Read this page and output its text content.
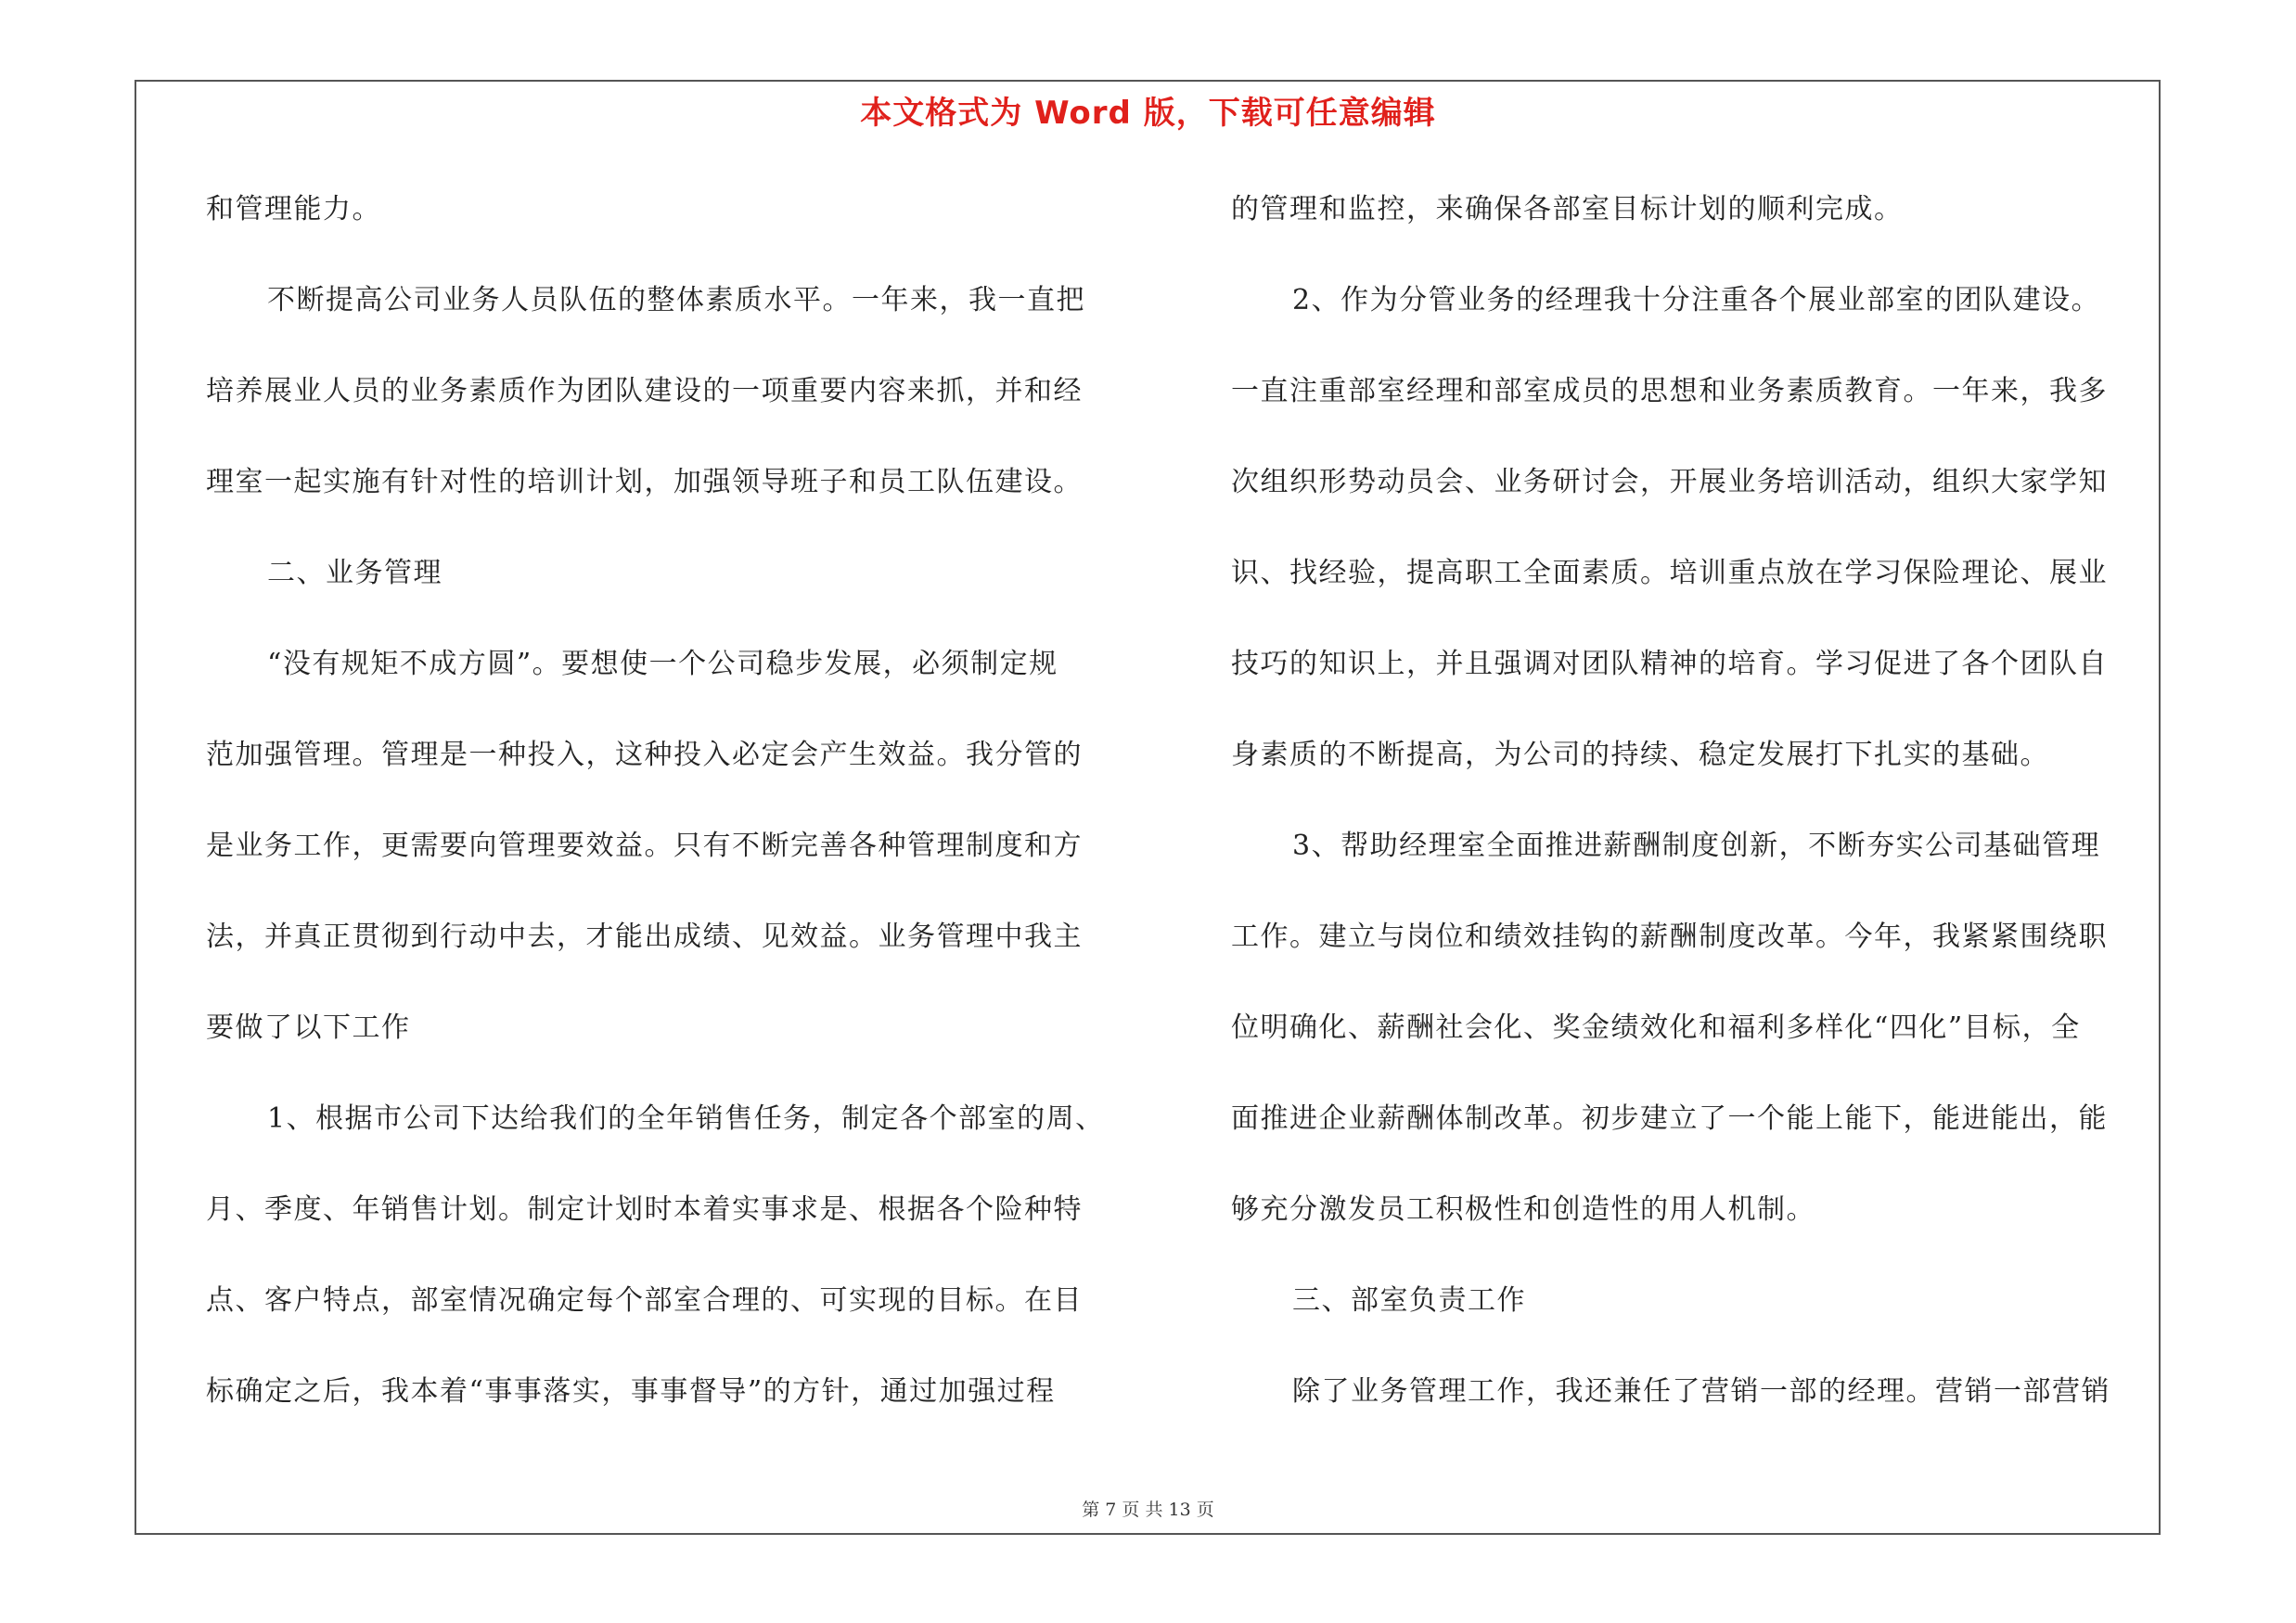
本文格式为 Word 版，下载可任意编辑
和管理能力。
不断提高公司业务人员队伍的整体素质水平。一年来，我一直把
培养展业人员的业务素质作为团队建设的一项重要内容来抓，并和经
理室一起实施有针对性的培训计划，加强领导班子和员工队伍建设。
二、业务管理
“没有规矩不成方圆”。要想使一个公司稳步发展，必须制定规
范加强管理。管理是一种投入，这种投入必定会产生效益。我分管的
是业务工作，更需要向管理要效益。只有不断完善各种管理制度和方
法，并真正贯彻到行动中去，才能出成绩、见效益。业务管理中我主
要做了以下工作
1、根据市公司下达给我们的全年销售任务，制定各个部室的周、
月、季度、年销售计划。制定计划时本着实事求是、根据各个险种特
点、客户特点，部室情况确定每个部室合理的、可实现的目标。在目
标确定之后，我本着“事事落实，事事督导”的方针，通过加强过程
的管理和监控，来确保各部室目标计划的顺利完成。
2、作为分管业务的经理我十分注重各个展业部室的团队建设。
一直注重部室经理和部室成员的思想和业务素质教育。一年来，我多
次组织形势动员会、业务研讨会，开展业务培训活动，组织大家学知
识、找经验，提高职工全面素质。培训重点放在学习保险理论、展业
技巧的知识上，并且强调对团队精神的培育。学习促进了各个团队自
身素质的不断提高，为公司的持续、稳定发展打下扎实的基础。
3、帮助经理室全面推进薪酬制度创新，不断夯实公司基础管理
工作。建立与岗位和绩效挂钩的薪酬制度改革。今年，我紧紧围绕职
位明确化、薪酬社会化、奖金绩效化和福利多样化“四化”目标，全
面推进企业薪酬体制改革。初步建立了一个能上能下，能进能出，能
够充分激发员工积极性和创造性的用人机制。
三、部室负责工作
除了业务管理工作，我还兼任了营销一部的经理。营销一部营销
第 7 页 共 13 页
